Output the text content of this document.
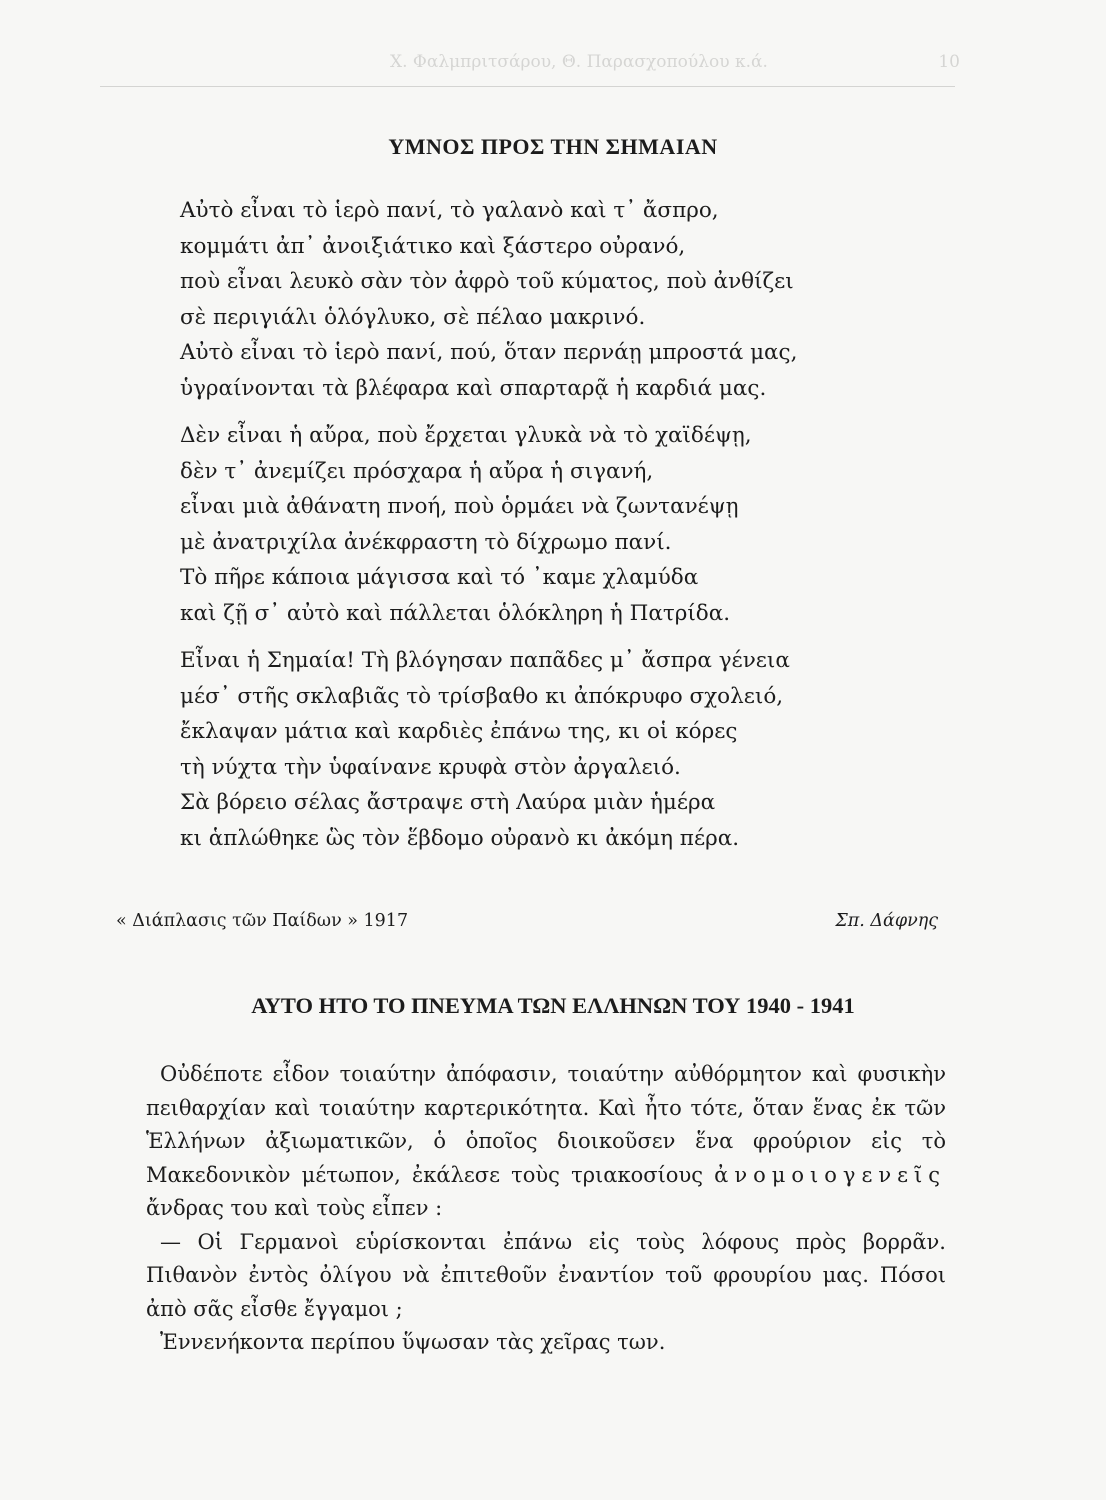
Χ. Φαλμπριτσάρου, Θ. Παρασχοπούλου κ.ά.	10
ΥΜΝΟΣ ΠΡΟΣ ΤΗΝ ΣΗΜΑΙΑΝ
Αὐτὸ εἶναι τὸ ἱερὸ πανί, τὸ γαλανὸ καὶ τ᾽ ἄσπρο,
κομμάτι ἀπ᾽ ἀνοιξιάτικο καὶ ξάστερο οὐρανό,
ποὺ εἶναι λευκὸ σὰν τὸν ἀφρὸ τοῦ κύματος, ποὺ ἀνθίζει
σὲ περιγιάλι ὁλόγλυκο, σὲ πέλαο μακρινό.
Αὐτὸ εἶναι τὸ ἱερὸ πανί, πού, ὅταν περνάῃ μπροστά μας,
ὑγραίνονται τὰ βλέφαρα καὶ σπαρταρᾷ ἡ καρδιά μας.
Δὲν εἶναι ἡ αὔρα, ποὺ ἔρχεται γλυκὰ νὰ τὸ χαϊδέψῃ,
δὲν τ᾽ ἀνεμίζει πρόσχαρα ἡ αὔρα ἡ σιγανή,
εἶναι μιὰ ἀθάνατη πνοή, ποὺ ὁρμάει νὰ ζωντανέψῃ
μὲ ἀνατριχίλα ἀνέκφραστη τὸ δίχρωμο πανί.
Τὸ πῆρε κάποια μάγισσα καὶ τό ᾽καμε χλαμύδα
καὶ ζῇ σ᾽ αὐτὸ καὶ πάλλεται ὁλόκληρη ἡ Πατρίδα.
Εἶναι ἡ Σημαία! Τὴ βλόγησαν παπᾶδες μ᾽ ἄσπρα γένεια
μέσ᾽ στῆς σκλαβιᾶς τὸ τρίσβαθο κι ἀπόκρυφο σχολειό,
ἔκλαψαν μάτια καὶ καρδιὲς ἐπάνω της, κι οἱ κόρες
τὴ νύχτα τὴν ὑφαίνανε κρυφὰ στὸν ἀργαλειό.
Σὰ βόρειο σέλας ἄστραψε στὴ Λαύρα μιὰν ἡμέρα
κι ἁπλώθηκε ὣς τὸν ἕβδομο οὐρανὸ κι ἀκόμη πέρα.
« Διάπλασις τῶν Παίδων » 1917	Σπ. Δάφνης
ΑΥΤΟ ΗΤΟ ΤΟ ΠΝΕΥΜΑ ΤΩΝ ΕΛΛΗΝΩΝ ΤΟΥ 1940 - 1941

Οὐδέποτε εἶδον τοιαύτην ἀπόφασιν, τοιαύτην αὐθόρμητον καὶ φυσικὴν πειθαρχίαν καὶ τοιαύτην καρτερικότητα. Καὶ ἦτο τότε, ὅταν ἕνας ἐκ τῶν Ἑλλήνων ἀξιωματικῶν, ὁ ὁποῖος διοικοῦσεν ἕνα φρούριον εἰς τὸ Μακεδονικὸν μέτωπον, ἐκάλεσε τοὺς τριακοσίους ἀνομοιογενεῖς ἄνδρας του καὶ τοὺς εἶπεν :

— Οἱ Γερμανοὶ εὑρίσκονται ἐπάνω εἰς τοὺς λόφους πρὸς βορρᾶν. Πιθανὸν ἐντὸς ὀλίγου νὰ ἐπιτεθοῦν ἐναντίον τοῦ φρουρίου μας. Πόσοι ἀπὸ σᾶς εἶσθε ἔγγαμοι ;

Ἐννενήκοντα περίπου ὕψωσαν τὰς χεῖρας των.
